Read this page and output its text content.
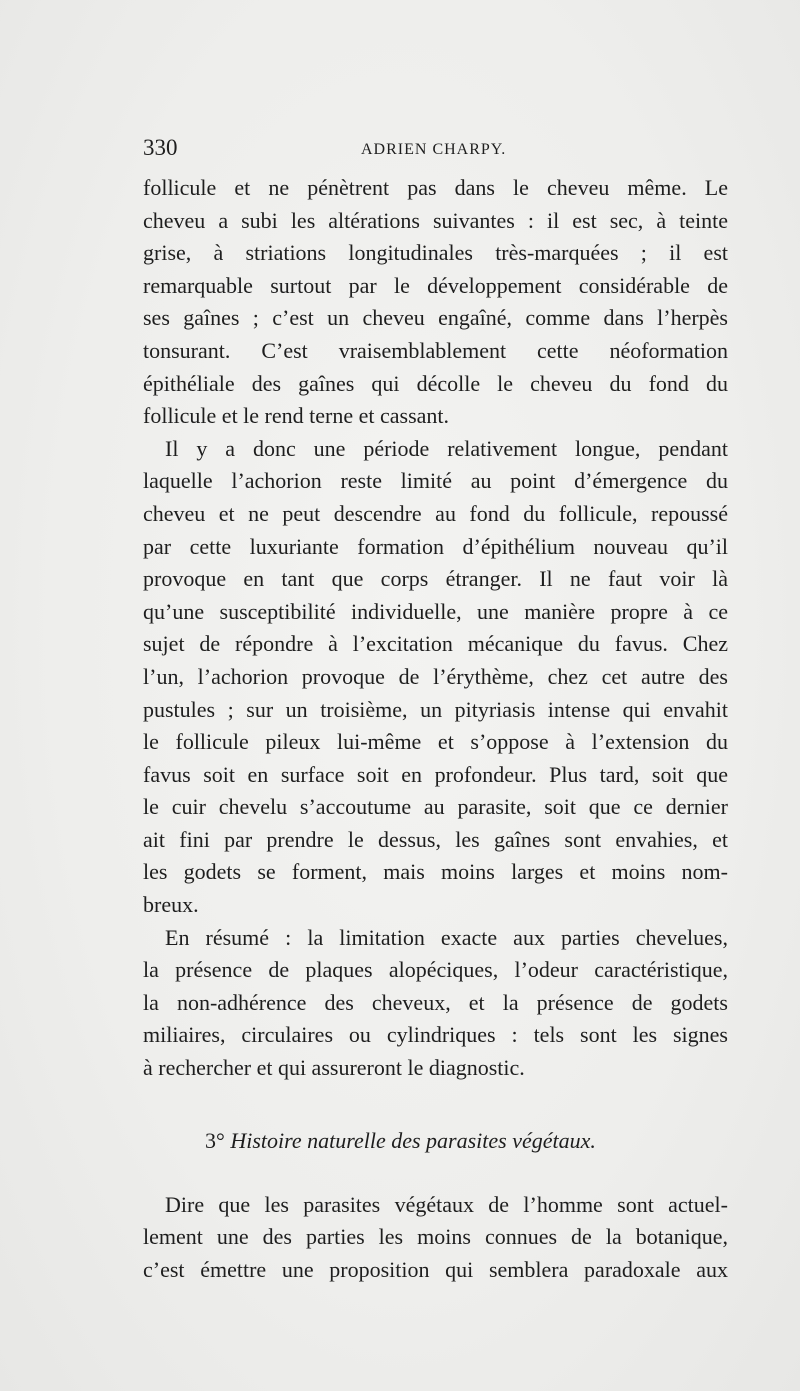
330	ADRIEN CHARPY.
follicule et ne pénètrent pas dans le cheveu même. Le
cheveu a subi les altérations suivantes : il est sec, à teinte
grise, à striations longitudinales très-marquées ; il est
remarquable surtout par le développement considérable de
ses gaînes ; c’est un cheveu engaîné, comme dans l’herpès
tonsurant. C’est vraisemblablement cette néoformation
épithéliale des gaînes qui décolle le cheveu du fond du
follicule et le rend terne et cassant.
Il y a donc une période relativement longue, pendant
laquelle l’achorion reste limité au point d’émergence du
cheveu et ne peut descendre au fond du follicule, repoussé
par cette luxuriante formation d’épithélium nouveau qu’il
provoque en tant que corps étranger. Il ne faut voir là
qu’une susceptibilité individuelle, une manière propre à ce
sujet de répondre à l’excitation mécanique du favus. Chez
l’un, l’achorion provoque de l’érythème, chez cet autre des
pustules ; sur un troisième, un pityriasis intense qui envahit
le follicule pileux lui-même et s’oppose à l’extension du
favus soit en surface soit en profondeur. Plus tard, soit que
le cuir chevelu s’accoutume au parasite, soit que ce dernier
ait fini par prendre le dessus, les gaînes sont envahies, et
les godets se forment, mais moins larges et moins nom-
breux.
En résumé : la limitation exacte aux parties chevelues,
la présence de plaques alopéciques, l’odeur caractéristique,
la non-adhérence des cheveux, et la présence de godets
miliaires, circulaires ou cylindriques : tels sont les signes
à rechercher et qui assureront le diagnostic.
3° Histoire naturelle des parasites végétaux.
Dire que les parasites végétaux de l’homme sont actuel-
lement une des parties les moins connues de la botanique,
c’est émettre une proposition qui semblera paradoxale aux
